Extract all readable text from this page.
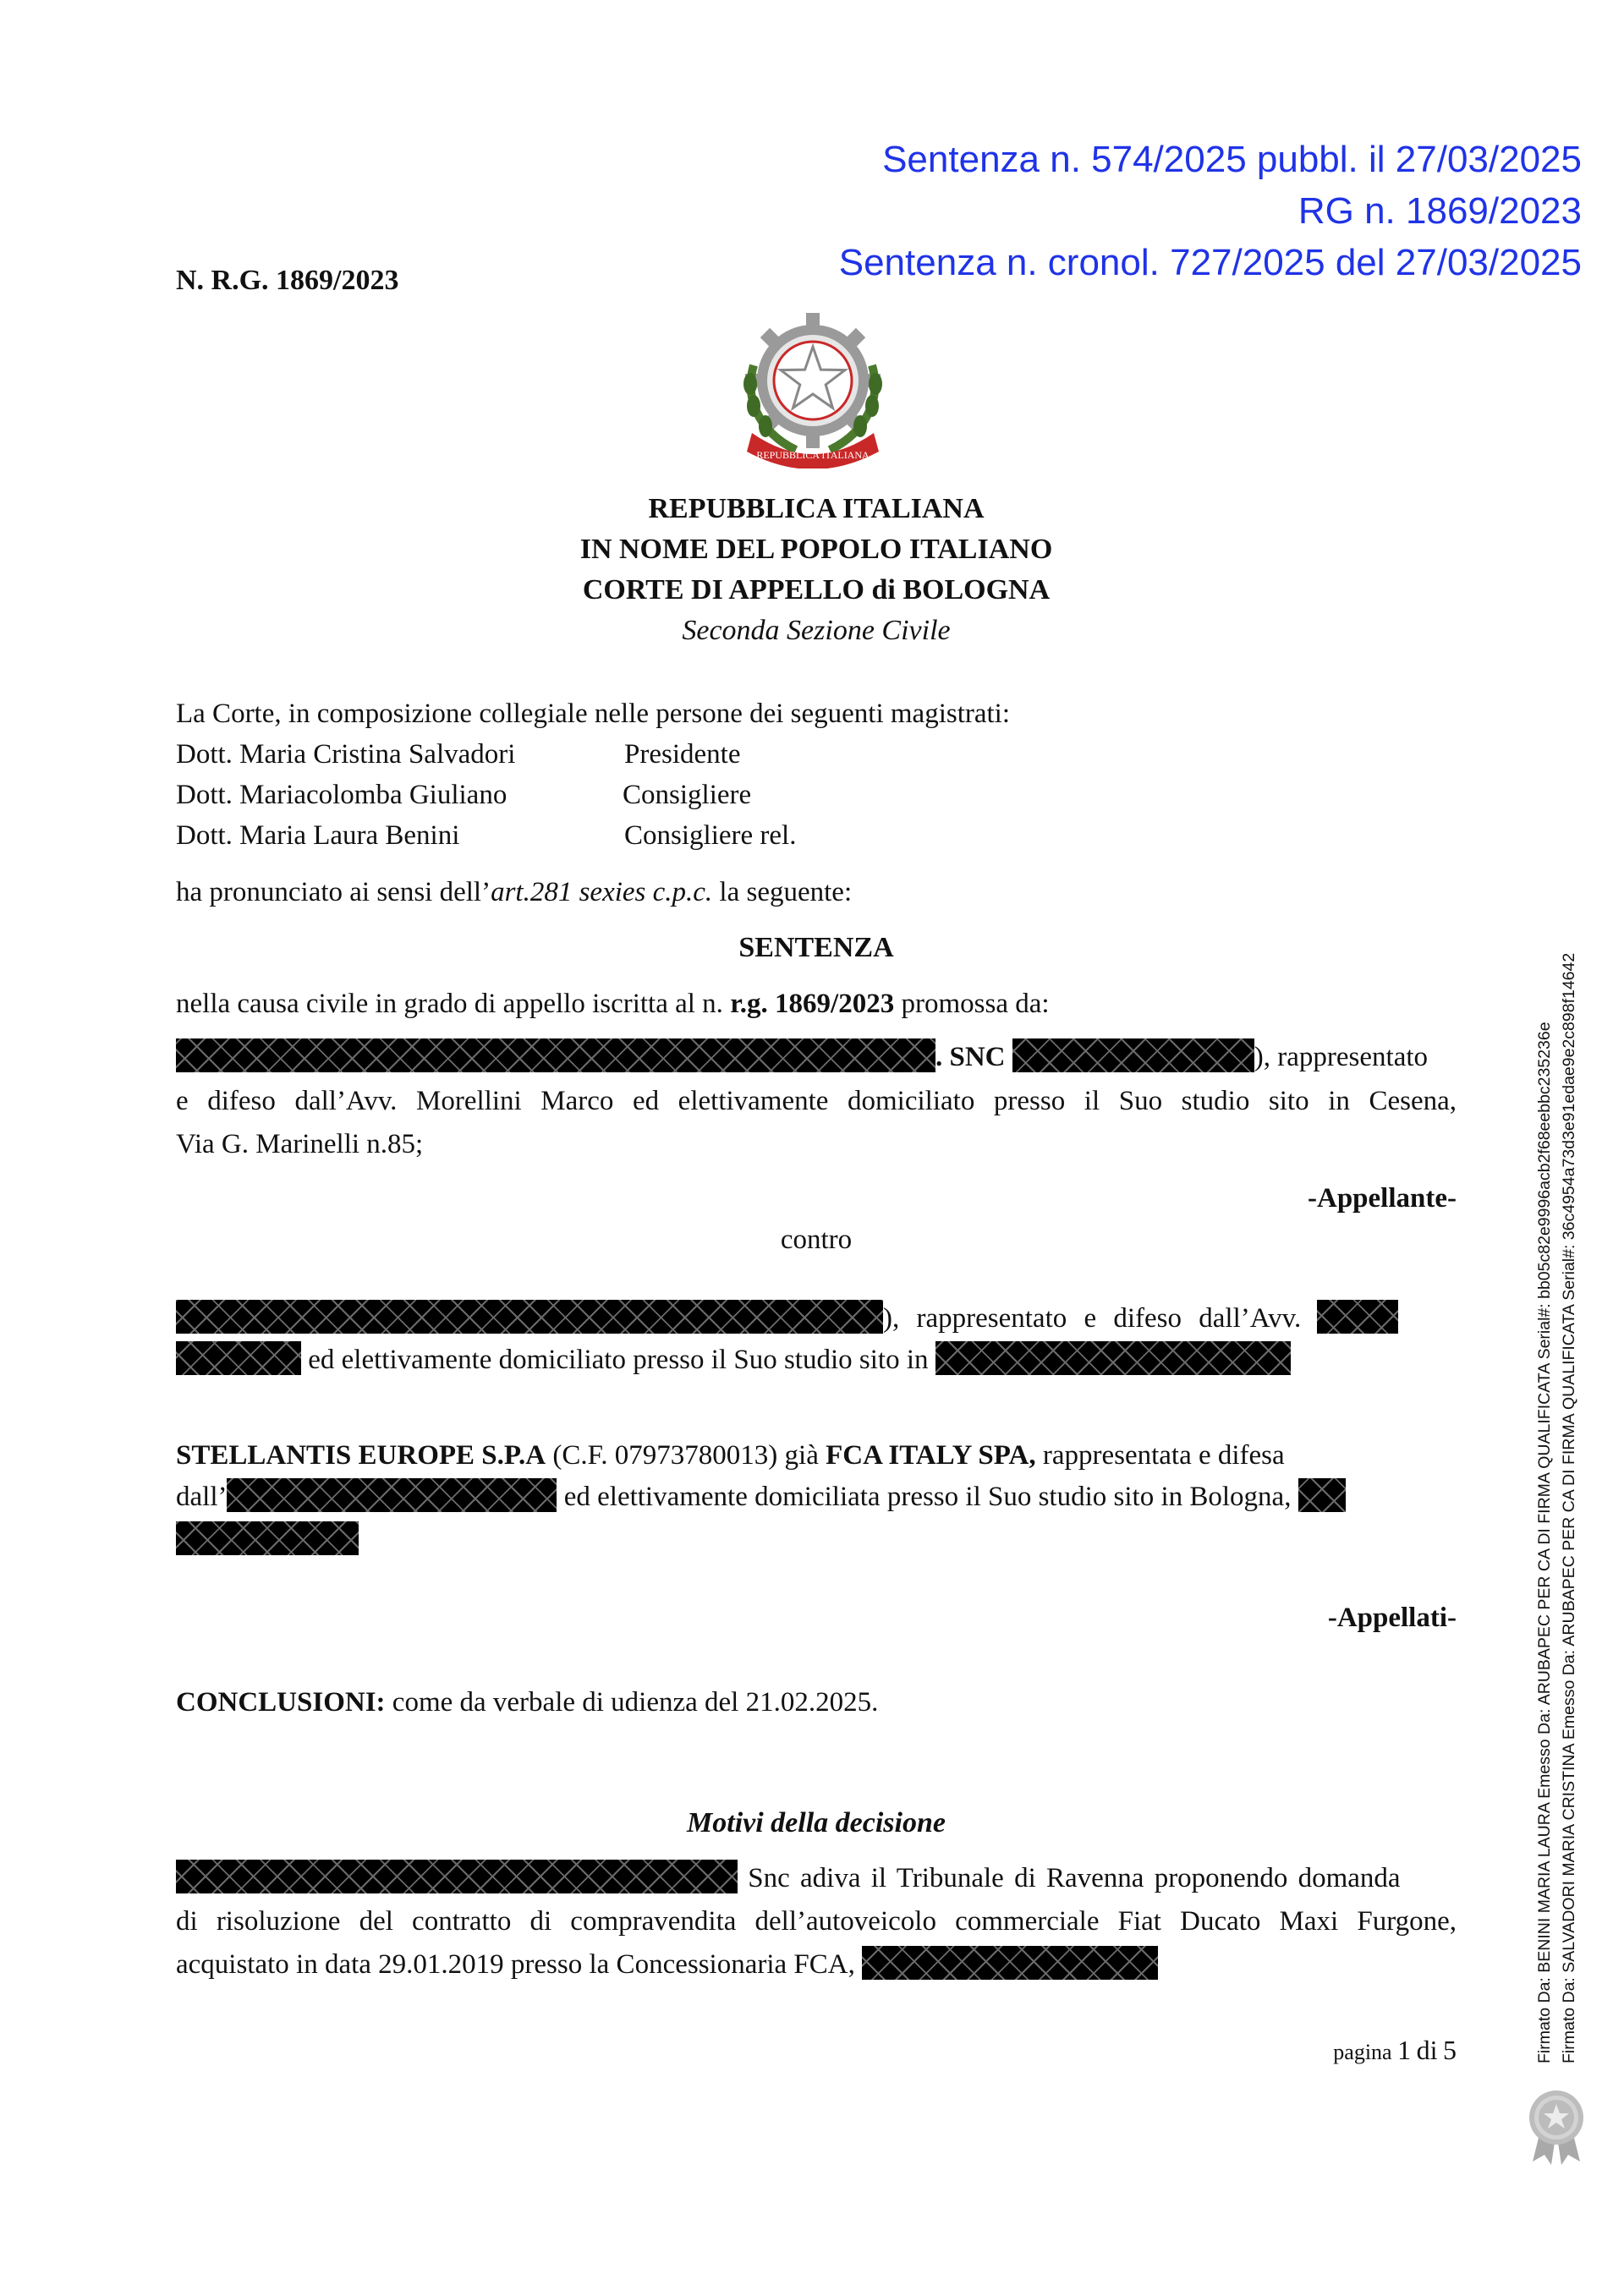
Sentenza n. 574/2025 pubbl. il 27/03/2025
RG n. 1869/2023
Sentenza n. cronol. 727/2025 del 27/03/2025
N. R.G. 1869/2023
REPUBBLICA ITALIANA
REPUBBLICA ITALIANA
IN NOME DEL POPOLO ITALIANO
CORTE DI APPELLO di BOLOGNA
Seconda Sezione Civile
La Corte, in composizione collegiale nelle persone dei seguenti magistrati:
Dott. Maria Cristina Salvadori	Presidente
Dott. Mariacolomba Giuliano	Consigliere
Dott. Maria Laura Benini	Consigliere rel.
ha pronunciato ai sensi dell’art.281 sexies c.p.c. la seguente:
SENTENZA
nella causa civile in grado di appello iscritta al n. r.g. 1869/2023 promossa da:
. SNC	), rappresentato
e difeso dall’Avv. Morellini Marco ed elettivamente domiciliato presso il Suo studio sito in Cesena,
Via G. Marinelli n.85;
-Appellante-
contro
), rappresentato e difeso dall’Avv.
ed elettivamente domiciliato presso il Suo studio sito in
STELLANTIS EUROPE S.P.A (C.F. 07973780013) già FCA ITALY SPA, rappresentata e difesa
dall’	ed elettivamente domiciliata presso il Suo studio sito in Bologna,
-Appellati-
CONCLUSIONI: come da verbale di udienza del 21.02.2025.
Motivi della decisione
Snc adiva il Tribunale di Ravenna proponendo domanda
di risoluzione del contratto di compravendita dell’autoveicolo commerciale Fiat Ducato Maxi Furgone,
acquistato in data 29.01.2019 presso la Concessionaria FCA,
pagina 1 di 5	Firmato Da: BENINI MARIA LAURA Emesso Da: ARUBAPEC PER CA DI FIRMA QUALIFICATA Serial#: bb05c82e9996acb2f68eebbc235236e Firmato Da: SALVADORI MARIA CRISTINA Emesso Da: ARUBAPEC PER CA DI FIRMA QUALIFICATA Serial#: 36c4954a73d3e91edae9e2c898f14642
